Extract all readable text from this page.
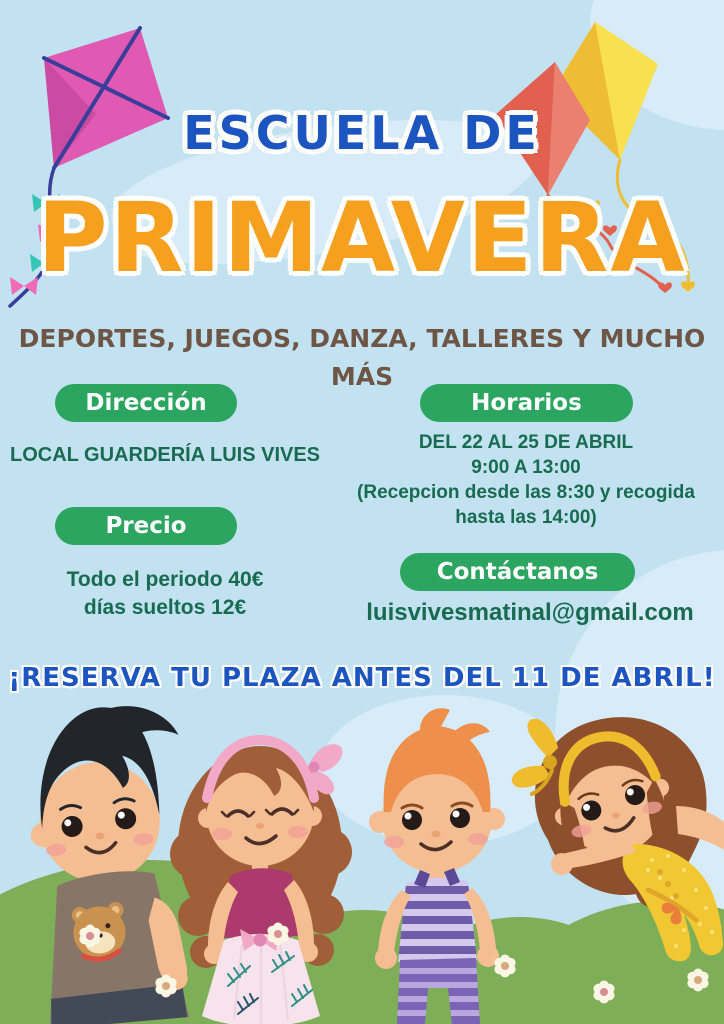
ESCUELA DE
PRIMAVERA
DEPORTES, JUEGOS, DANZA, TALLERES Y MUCHO
MÁS
Dirección	Horarios
Precio
Contáctanos
LOCAL GUARDERÍA LUIS VIVES
DEL 22 AL 25 DE ABRIL
9:00 A 13:00
(Recepcion desde las 8:30 y recogida
hasta las 14:00)
Todo el periodo 40€
días sueltos 12€	luisvivesmatinal@gmail.com
¡RESERVA TU PLAZA ANTES DEL 11 DE ABRIL!
